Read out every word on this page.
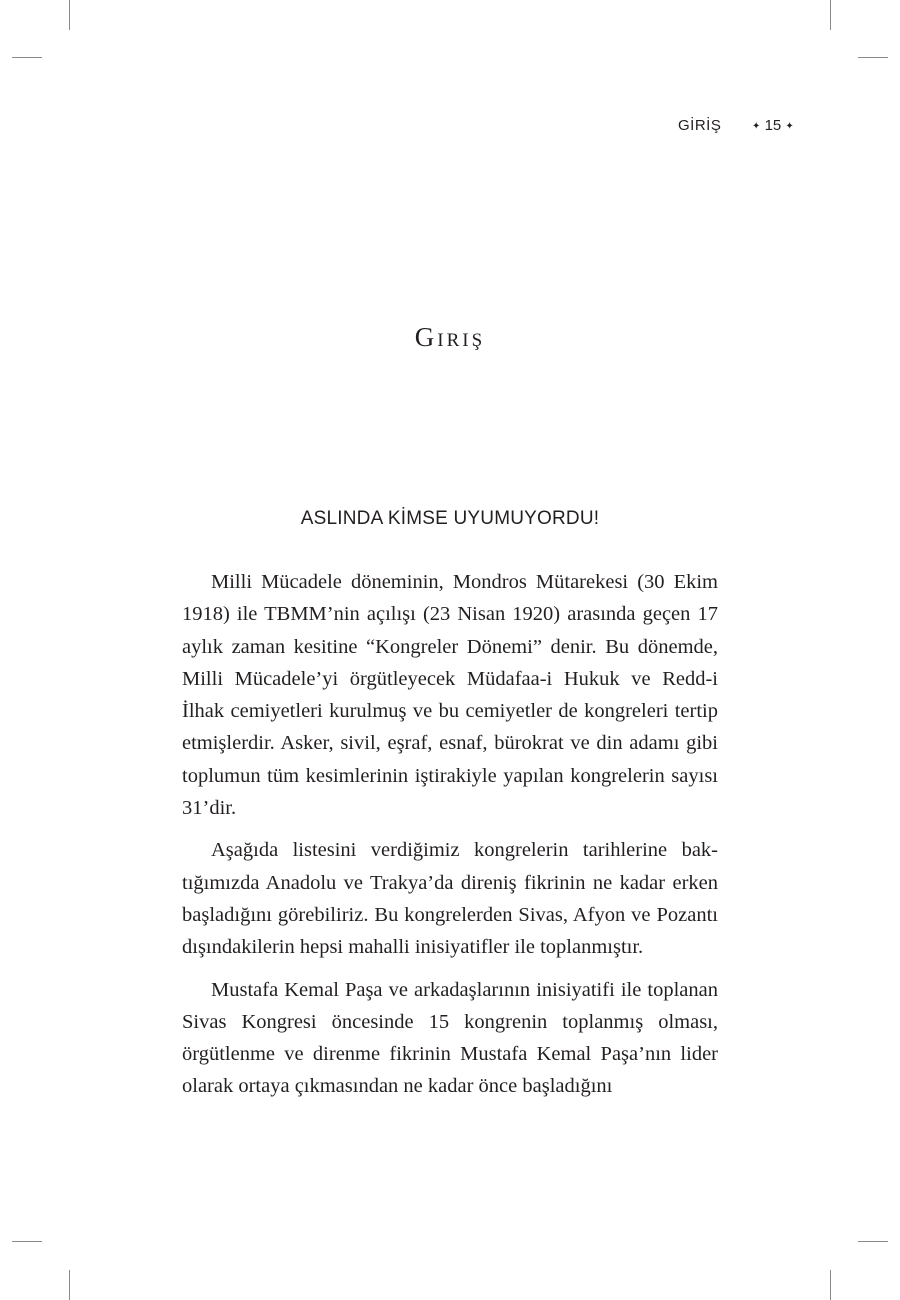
GİRİŞ	✦ 15 ✦
Giriş
ASLINDA KİMSE UYUMUYORDU!

Milli Mücadele döneminin, Mondros Mütarekesi (30 Ekim 1918) ile TBMM’nin açılışı (23 Nisan 1920) arasında geçen 17 aylık zaman kesitine “Kongreler Dönemi” denir. Bu dönemde, Milli Mücadele’yi örgütleyecek Müdafaa-i Hukuk ve Redd-i İlhak cemiyetleri kurulmuş ve bu cemiyetler de kongreleri tertip etmişlerdir. Asker, sivil, eşraf, esnaf, bürokrat ve din adamı gibi toplumun tüm kesimlerinin iştirakiyle yapılan kongrelerin sayısı 31’dir.

Aşağıda listesini verdiğimiz kongrelerin tarihlerine baktığımızda Anadolu ve Trakya’da direniş fikrinin ne kadar erken başladığını görebiliriz. Bu kongrelerden Sivas, Afyon ve Pozantı dışındakilerin hepsi mahalli inisiyatifler ile toplanmıştır.

Mustafa Kemal Paşa ve arkadaşlarının inisiyatifi ile toplanan Sivas Kongresi öncesinde 15 kongrenin toplanmış olması, örgütlenme ve direnme fikrinin Mustafa Kemal Paşa’nın lider olarak ortaya çıkmasından ne kadar önce başladığını
